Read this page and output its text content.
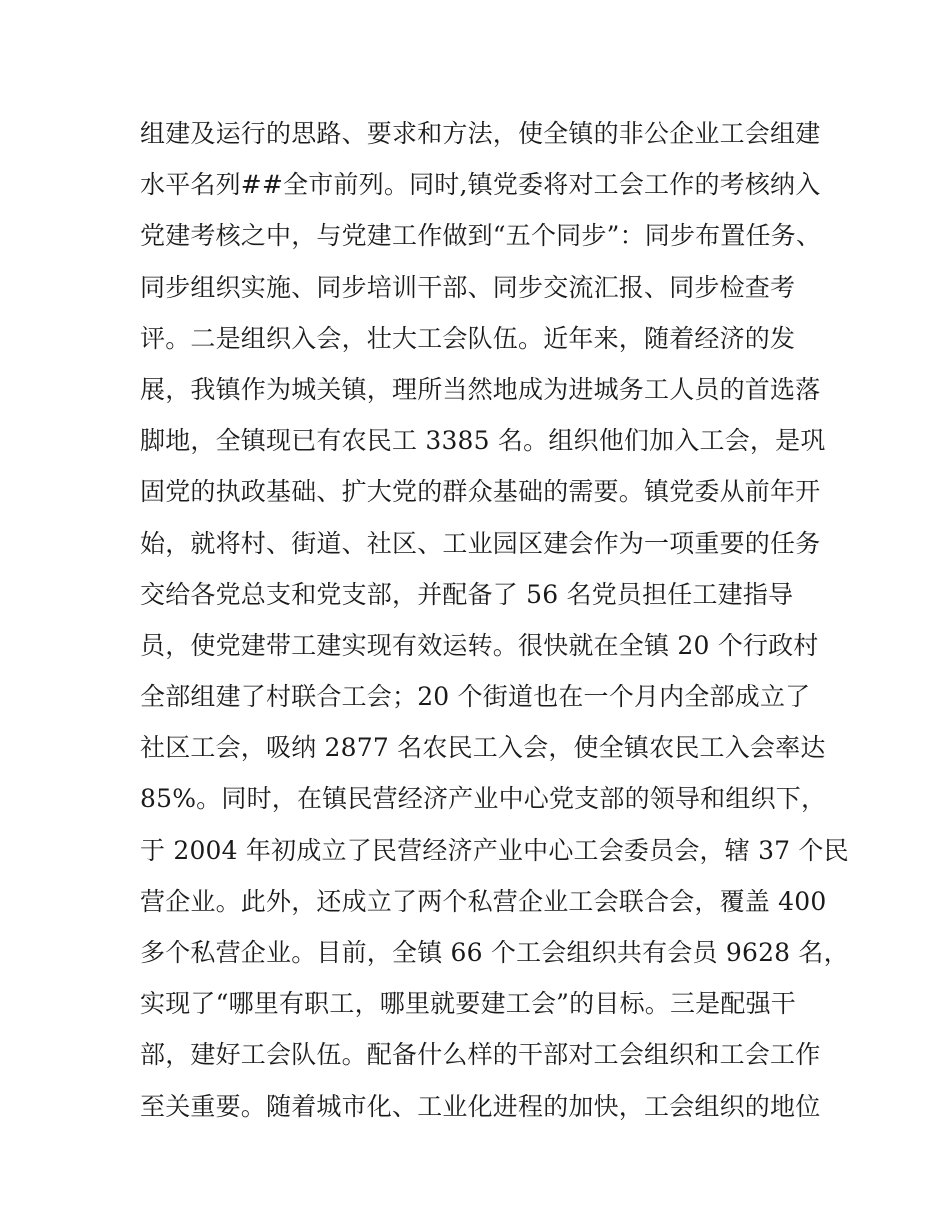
组建及运行的思路、要求和方法，使全镇的非公企业工会组建
水平名列##全市前列。同时,镇党委将对工会工作的考核纳入
党建考核之中，与党建工作做到“五个同步”：同步布置任务、
同步组织实施、同步培训干部、同步交流汇报、同步检查考
评。二是组织入会，壮大工会队伍。近年来，随着经济的发
展，我镇作为城关镇，理所当然地成为进城务工人员的首选落
脚地，全镇现已有农民工 3385 名。组织他们加入工会，是巩
固党的执政基础、扩大党的群众基础的需要。镇党委从前年开
始，就将村、街道、社区、工业园区建会作为一项重要的任务
交给各党总支和党支部，并配备了 56 名党员担任工建指导
员，使党建带工建实现有效运转。很快就在全镇 20 个行政村
全部组建了村联合工会；20 个街道也在一个月内全部成立了
社区工会，吸纳 2877 名农民工入会，使全镇农民工入会率达
85%。同时，在镇民营经济产业中心党支部的领导和组织下，
于 2004 年初成立了民营经济产业中心工会委员会，辖 37 个民
营企业。此外，还成立了两个私营企业工会联合会，覆盖 400
多个私营企业。目前，全镇 66 个工会组织共有会员 9628 名，
实现了“哪里有职工，哪里就要建工会”的目标。三是配强干
部，建好工会队伍。配备什么样的干部对工会组织和工会工作
至关重要。随着城市化、工业化进程的加快，工会组织的地位
